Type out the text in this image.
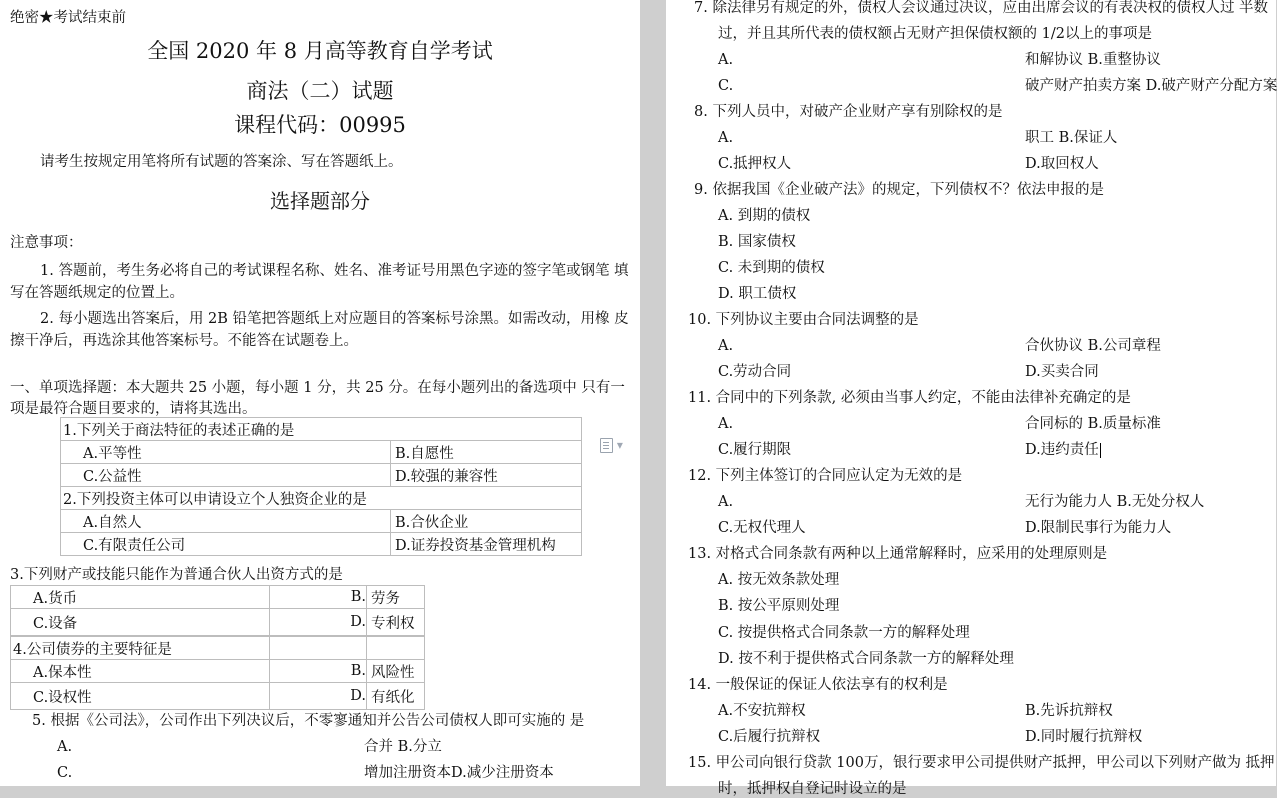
绝密★考试结束前
全国 2020 年 8 月高等教育自学考试
商法（二）试题
课程代码：00995
请考生按规定用笔将所有试题的答案涂、写在答题纸上。
选择题部分
注意事项：
1. 答题前，考生务必将自己的考试课程名称、姓名、准考证号用黑色字迹的签字笔或钢笔 填写在答题纸规定的位置上。
2. 每小题选出答案后，用 2B 铅笔把答题纸上对应题目的答案标号涂黑。如需改动，用橡 皮擦干净后，再选涂其他答案标号。不能答在试题卷上。
一、单项选择题：本大题共 25 小题，每小题 1 分，共 25 分。在每小题列出的备选项中 只有一项是最符合题目要求的，请将其选出。
▾
1.下列关于商法特征的表述正确的是	
A.平等性	B.自愿性
C.公益性	D.较强的兼容性
2.下列投资主体可以申请设立个人独资企业的是	
A.自然人	B.合伙企业
C.有限责任公司	D.证券投资基金管理机构
3.下列财产或技能只能作为普通合伙人出资方式的是
A.货币	B.	劳务
C.设备	D.	专利权
4.公司债券的主要特征是		
A.保本性	B.	风险性
C.设权性	D.	有纸化
5. 根据《公司法》，公司作出下列决议后，不零寥通知并公告公司债权人即可实施的 是
A.	合并 B.分立
C.	增加注册资本D.减少注册资本
7. 除法律另有规定的外，债权人会议通过决议，应由出席会议的有表决权的债权人过 半数
过，并且其所代表的债权额占无财产担保债权额的 1/2以上的事项是
A.	和解协议 B.重整协议
C.	破产财产拍卖方案 D.破产财产分配方案
8. 下列人员中，对破产企业财产享有别除权的是
A.	职工 B.保证人
C.抵押权人	D.取回权人
9. 依据我国《企业破产法》的规定，下列债权不？依法申报的是
A. 到期的债权
B. 国家债权
C. 未到期的债权
D. 职工债权
10. 下列协议主要由合同法调整的是
A.	合伙协议 B.公司章程
C.劳动合同	D.买卖合同
11. 合同中的下列条款, 必须由当事人约定，不能由法律补充确定的是
A.	合同标的 B.质量标准
C.履行期限	D.违约责任
12. 下列主体签订的合同应认定为无效的是
A.	无行为能力人 B.无处分权人
C.无权代理人	D.限制民事行为能力人
13. 对格式合同条款有两种以上通常解释时，应采用的处理原则是
A. 按无效条款处理
B. 按公平原则处理
C. 按提供格式合同条款一方的解释处理
D. 按不利于提供格式合同条款一方的解释处理
14. 一般保证的保证人依法享有的权利是
A.不安抗辩权	B.先诉抗辩权
C.后履行抗辩权	D.同时履行抗辩权
15. 甲公司向银行贷款 100万，银行要求甲公司提供财产抵押，甲公司以下列财产做为 抵押
时，抵押权自登记时设立的是
